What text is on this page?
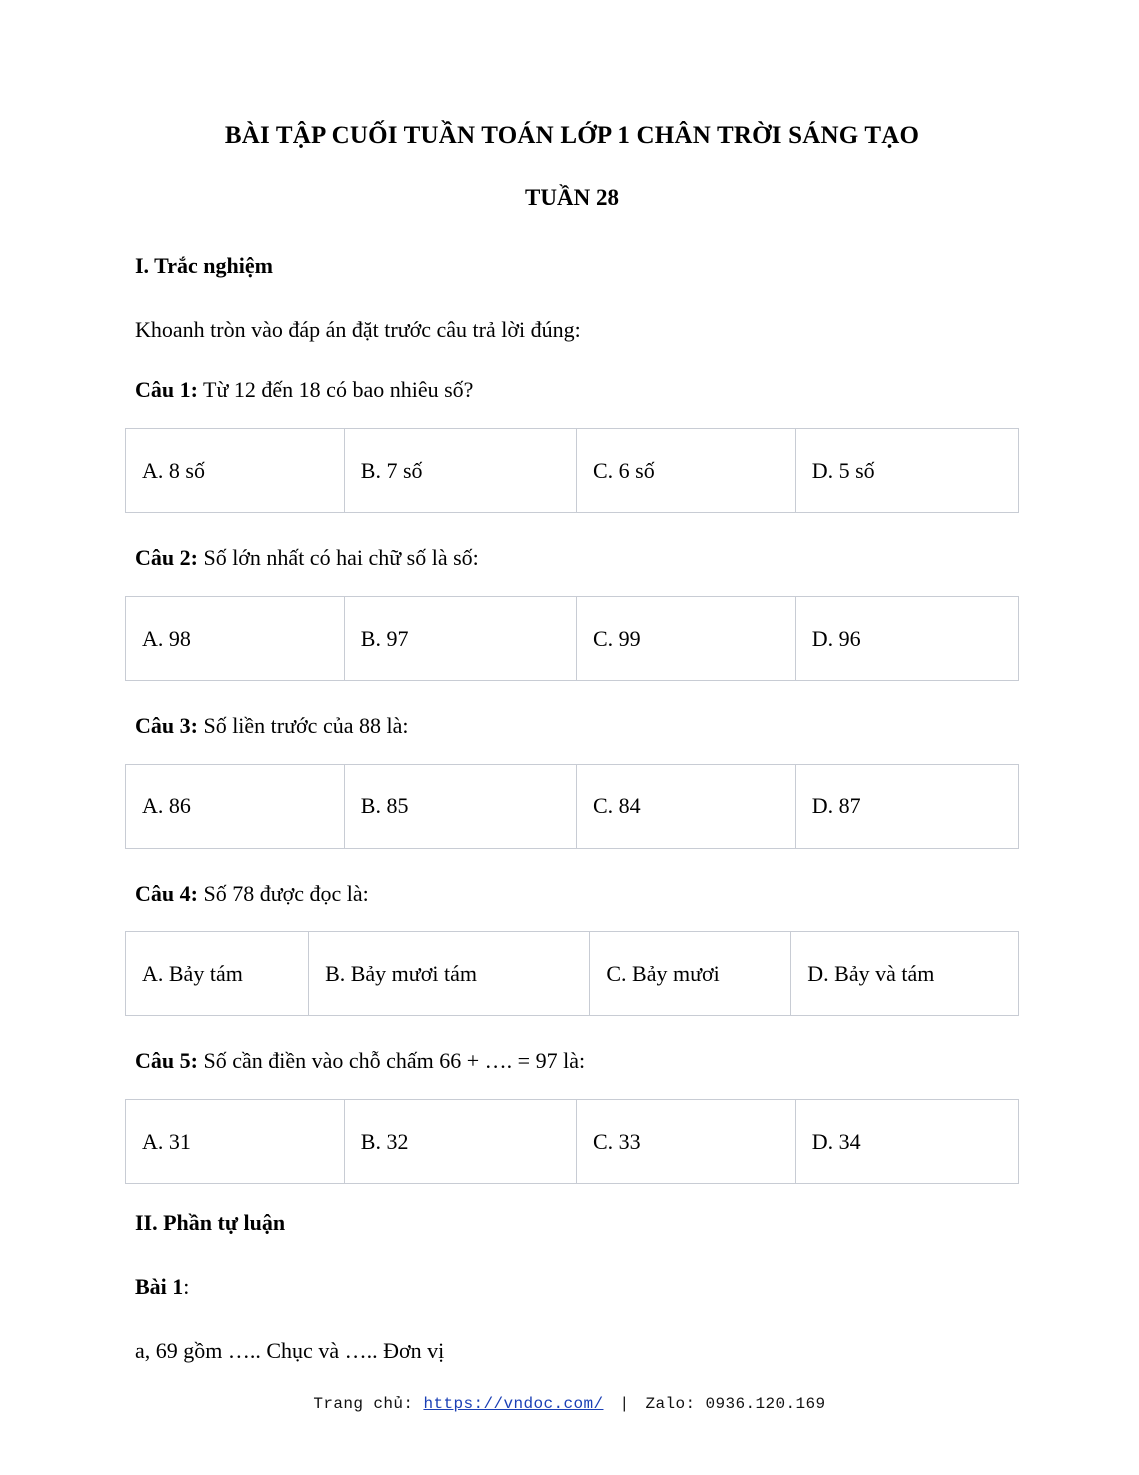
BÀI TẬP CUỐI TUẦN TOÁN LỚP 1 CHÂN TRỜI SÁNG TẠO
TUẦN 28
I. Trắc nghiệm
Khoanh tròn vào đáp án đặt trước câu trả lời đúng:
Câu 1: Từ 12 đến 18 có bao nhiêu số?
A. 8 số	B. 7 số	C. 6 số	D. 5 số
Câu 2: Số lớn nhất có hai chữ số là số:
A. 98	B. 97	C. 99	D. 96
Câu 3: Số liền trước của 88 là:
A. 86	B. 85	C. 84	D. 87
Câu 4: Số 78 được đọc là:
A. Bảy tám	B. Bảy mươi tám	C. Bảy mươi	D. Bảy và tám
Câu 5: Số cần điền vào chỗ chấm 66 + …. = 97 là:
A. 31	B. 32	C. 33	D. 34
II. Phần tự luận
Bài 1:
a, 69 gồm ….. Chục và ….. Đơn vị
Trang chủ: https://vndoc.com/ | Zalo: 0936.120.169
